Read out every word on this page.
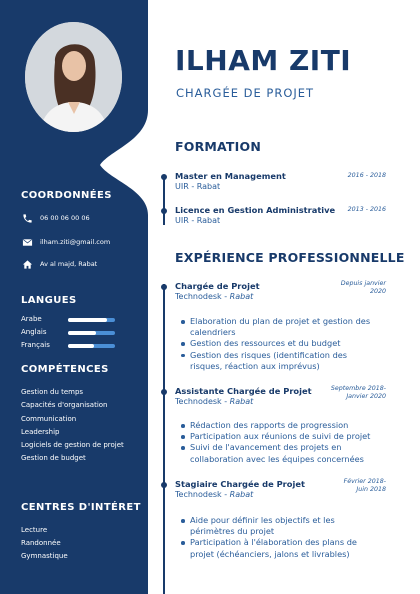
ILHAM ZITI
CHARGÉE DE PROJET
COORDONNÉES
06 00 06 00 06
ilham.ziti@gmail.com
Av al majd, Rabat
LANGUES
Arabe
Anglais
Français
COMPÉTENCES
Gestion du temps
Capacités d'organisation
Communication
Leadership
Logiciels de gestion de projet
Gestion de budget
CENTRES D'INTÉRET
Lecture
Randonnée
Gymnastique
FORMATION
Master en Management
UIR - Rabat
2016 - 2018
Licence en Gestion Administrative
UIR - Rabat
2013 - 2016
EXPÉRIENCE PROFESSIONNELLE
Chargée de Projet
Technodesk - Rabat
Depuis janvier
2020
Elaboration du plan de projet et gestion des calendriers
Gestion des ressources et du budget
Gestion des risques (identification des risques, réaction aux imprévus)
Assistante Chargée de Projet
Technodesk - Rabat
Septembre 2018-
Janvier 2020
Rédaction des rapports de progression
Participation aux réunions de suivi de projet
Suivi de l'avancement des projets en collaboration avec les équipes concernées
Stagiaire Chargée de Projet
Technodesk - Rabat
Février 2018-
Juin 2018
Aide pour définir les objectifs et les périmètres du projet
Participation à l'élaboration des plans de projet (échéanciers, jalons et livrables)
